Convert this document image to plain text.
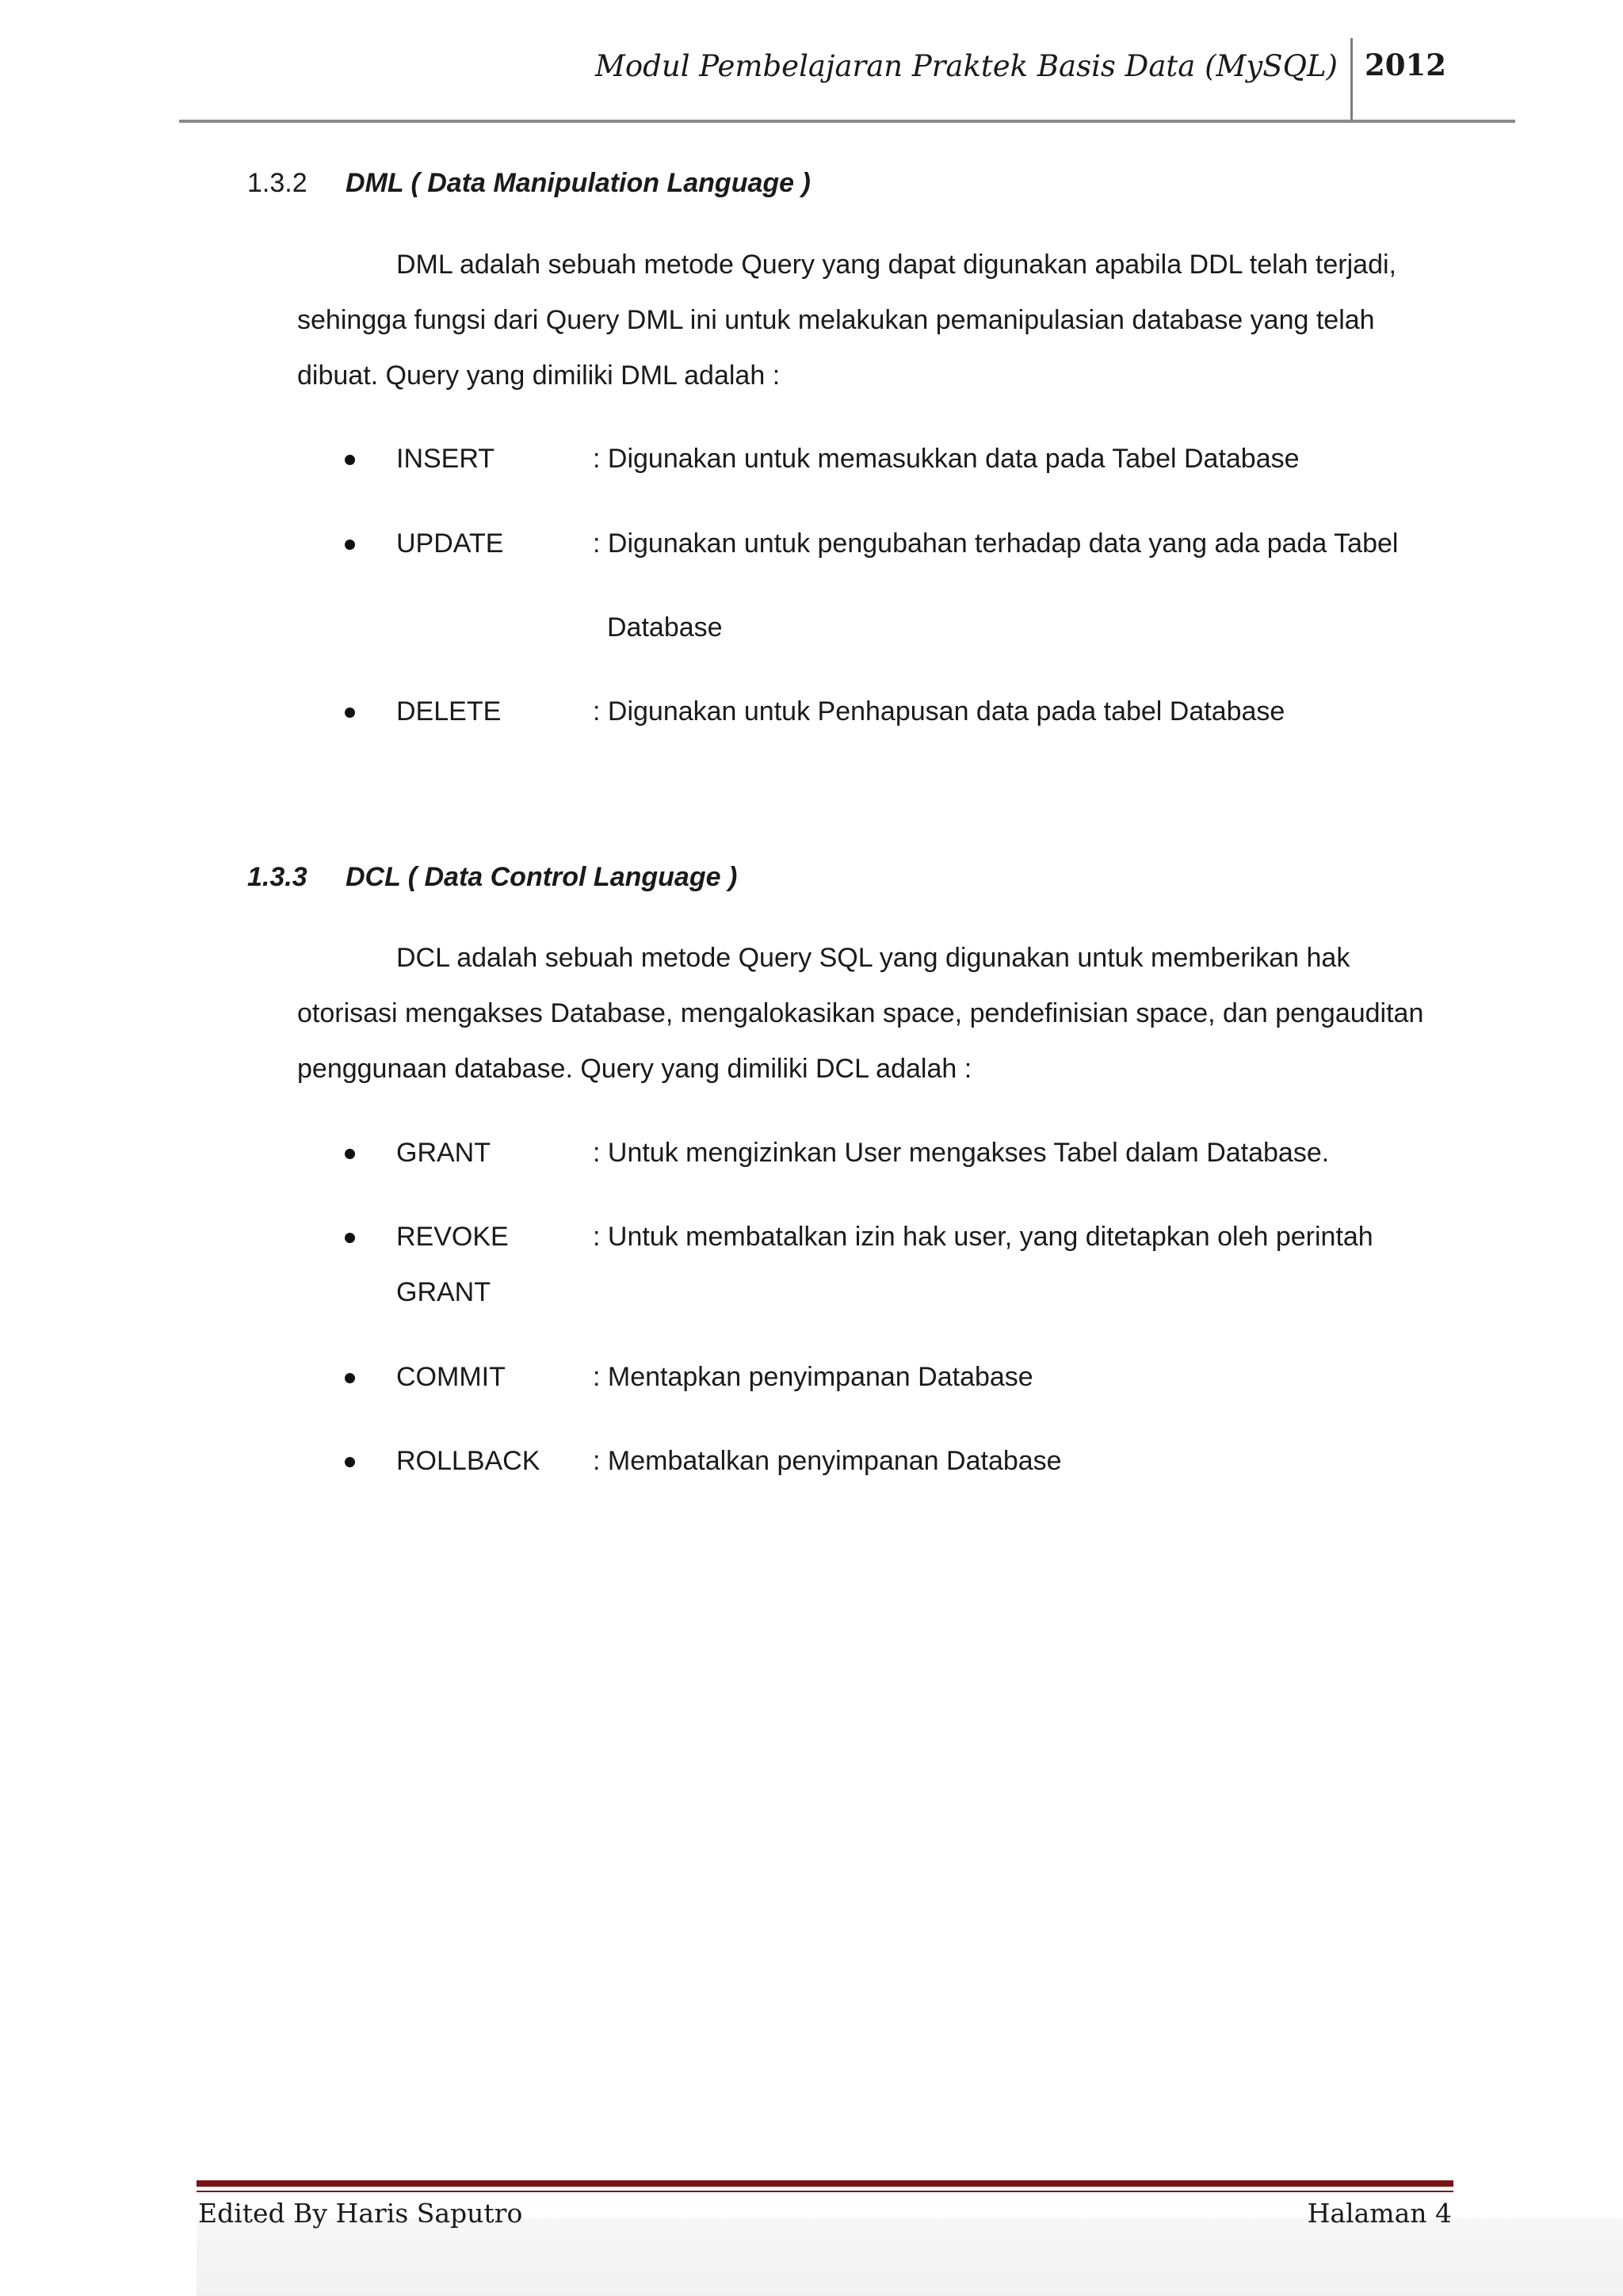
Modul Pembelajaran Praktek Basis Data (MySQL) 2012
1.3.2 DML ( Data Manipulation Language )
DML adalah sebuah metode Query yang dapat digunakan apabila DDL telah terjadi,
sehingga fungsi dari Query DML ini untuk melakukan pemanipulasian database yang telah
dibuat. Query yang dimiliki DML adalah :
INSERT	: Digunakan untuk memasukkan data pada Tabel Database
UPDATE	: Digunakan untuk pengubahan terhadap data yang ada pada Tabel
Database
DELETE	: Digunakan untuk Penhapusan data pada tabel Database
1.3.3 DCL ( Data Control Language )
DCL adalah sebuah metode Query SQL yang digunakan untuk memberikan hak
otorisasi mengakses Database, mengalokasikan space, pendefinisian space, dan pengauditan
penggunaan database. Query yang dimiliki DCL adalah :
GRANT	: Untuk mengizinkan User mengakses Tabel dalam Database.
REVOKE	: Untuk membatalkan izin hak user, yang ditetapkan oleh perintah
GRANT
COMMIT	: Mentapkan penyimpanan Database
ROLLBACK : Membatalkan penyimpanan Database
Edited By Haris Saputro	Halaman 4
